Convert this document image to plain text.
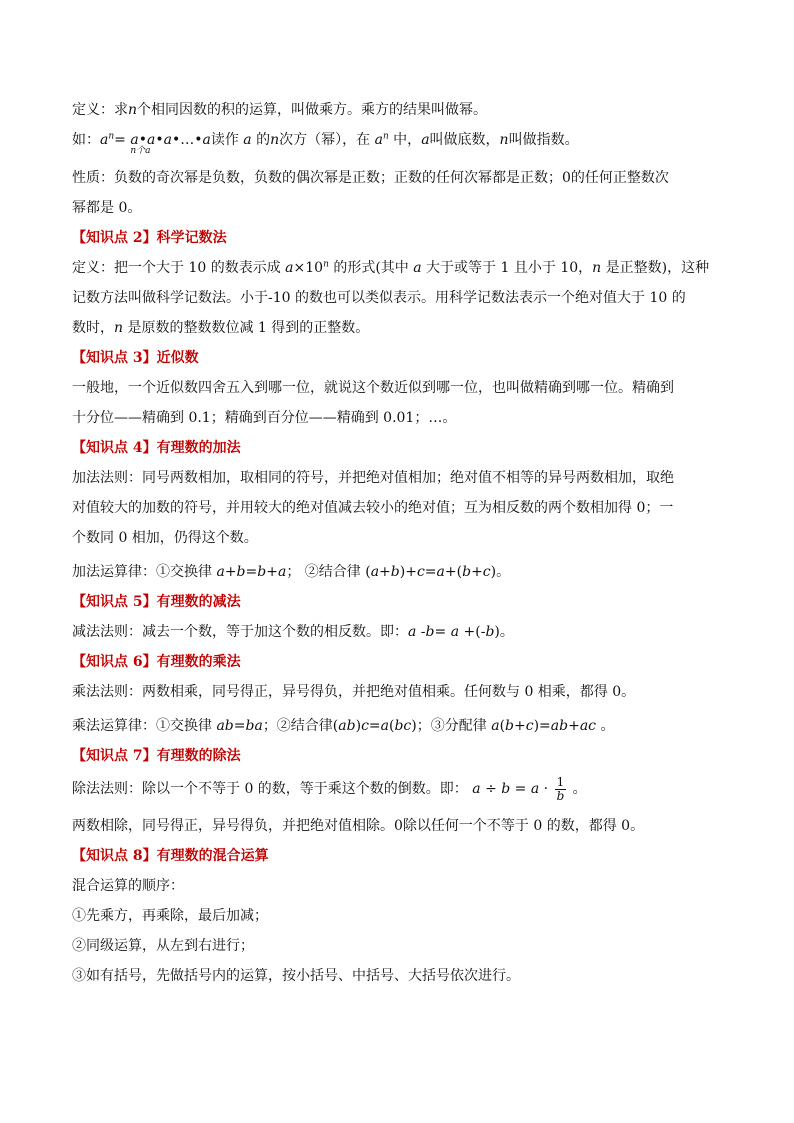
定义：求n个相同因数的积的运算，叫做乘方。乘方的结果叫做幂。

如：$a^n=$ a•a•a•…•a
n个a
读作 a 的n次方（幂），在 $a^n$ 中，a叫做底数，n叫做指数。

性质：负数的奇次幂是负数，负数的偶次幂是正数；正数的任何次幂都是正数；0的任何正整数次

幂都是 0。

【知识点 2】科学记数法

定义：把一个大于 10 的数表示成 $a\times 10^n$ 的形式(其中 a 大于或等于 1 且小于 10，n 是正整数)，这种

记数方法叫做科学记数法。小于-10 的数也可以类似表示。用科学记数法表示一个绝对值大于 10 的

数时，n 是原数的整数数位减 1 得到的正整数。

【知识点 3】近似数

一般地，一个近似数四舍五入到哪一位，就说这个数近似到哪一位，也叫做精确到哪一位。精确到

十分位——精确到 0.1；精确到百分位——精确到 0.01；…。

【知识点 4】有理数的加法

加法法则：同号两数相加，取相同的符号，并把绝对值相加；绝对值不相等的异号两数相加，取绝

对值较大的加数的符号，并用较大的绝对值减去较小的绝对值；互为相反数的两个数相加得 0；一

个数同 0 相加，仍得这个数。

加法运算律：①交换律 a+b=b+a； ②结合律 (a+b)+c=a+(b+c)。

【知识点 5】有理数的减法

减法法则：减去一个数，等于加这个数的相反数。即：a -b= a +(-b)。

【知识点 6】有理数的乘法

乘法法则：两数相乘，同号得正，异号得负，并把绝对值相乘。任何数与 0 相乘，都得 0。

乘法运算律：①交换律 ab=ba；②结合律(ab)c=a(bc)；③分配律 a(b+c)=ab+ac 。

【知识点 7】有理数的除法

除法法则：除以一个不等于 0 的数，等于乘这个数的倒数。即： $a \div b = a \cdot \frac{1}{b}$ 。

两数相除，同号得正，异号得负，并把绝对值相除。0除以任何一个不等于 0 的数，都得 0。

【知识点 8】有理数的混合运算

混合运算的顺序：

①先乘方，再乘除，最后加减；

②同级运算，从左到右进行；

③如有括号，先做括号内的运算，按小括号、中括号、大括号依次进行。
